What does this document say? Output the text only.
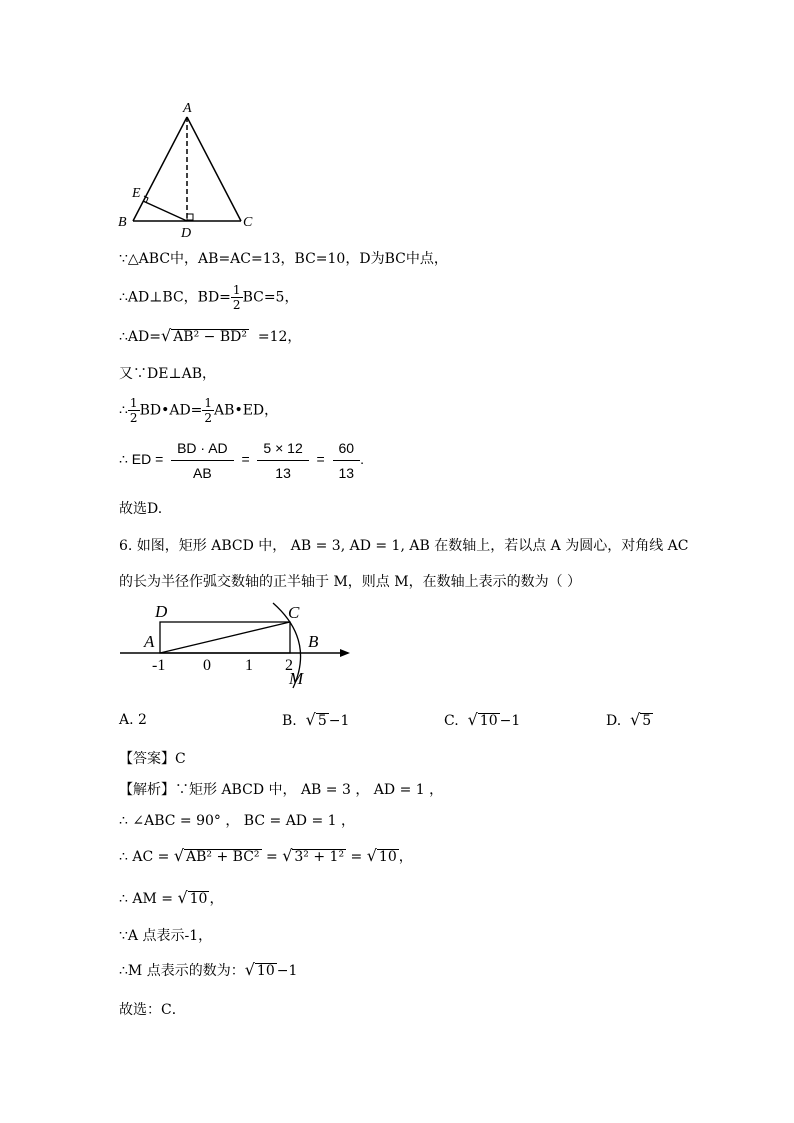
A
B	C
D
E
∵△ABC中，AB=AC=13，BC=10，D为BC中点，
∴AD⊥BC，$BD= \frac{1}{2} BC=5$，
∴AD=√ AB² − BD² =12，
又∵DE⊥AB，
∴ $\frac{1}{2}$ BD•AD= $\frac{1}{2}$ AB•ED，
∴ ED = $\frac{BD \cdot AD}{AB} = \frac{5 \times 12}{13} = \frac{60}{13}$ .
故选D.
6. 如图，矩形 ABCD 中， AB = 3, AD = 1, AB 在数轴上，若以点 A 为圆心，对角线 AC
的长为半径作弧交数轴的正半轴于 M，则点 M，在数轴上表示的数为（ ）
D	C
A	B
M
-1 0 1 2
A. 2	B. √ 5 −1	C. √ 10 −1	D. √ 5
【答案】C
【解析】∵矩形 ABCD 中， AB = 3 ， AD = 1 ，
∴ ∠ABC = 90° ， BC = AD = 1 ，
∴ AC = √ AB² + BC² = √ 3² + 1² = √ 10 ，
∴ AM = √ 10 ，
∵A 点表示-1，
∴M 点表示的数为：√ 10 −1
故选：C．
